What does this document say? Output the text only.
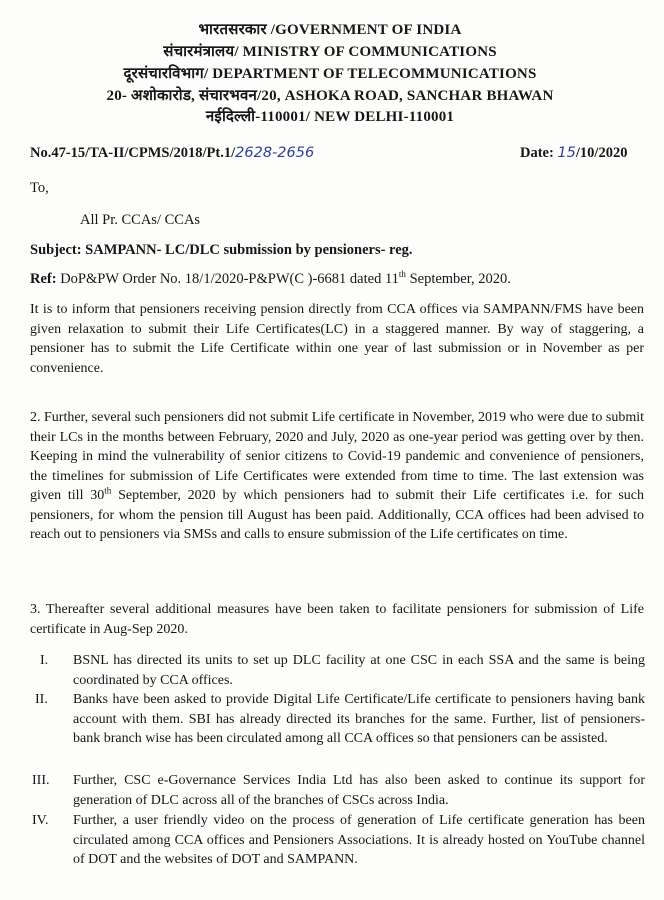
भारतसरकार /GOVERNMENT OF INDIA
संचारमंत्रालय/ MINISTRY OF COMMUNICATIONS
दूरसंचारविभाग/ DEPARTMENT OF TELECOMMUNICATIONS
20- अशोकारोड, संचारभवन/20, ASHOKA ROAD, SANCHAR BHAWAN
नईदिल्ली-110001/ NEW DELHI-110001
No.47-15/TA-II/CPMS/2018/Pt.1/2628-2656	Date: 15/10/2020
To,
All Pr. CCAs/ CCAs
Subject: SAMPANN- LC/DLC submission by pensioners- reg.
Ref: DoP&PW Order No. 18/1/2020-P&PW(C )-6681 dated 11th September, 2020.
It is to inform that pensioners receiving pension directly from CCA offices via SAMPANN/FMS have been given relaxation to submit their Life Certificates(LC) in a staggered manner. By way of staggering, a pensioner has to submit the Life Certificate within one year of last submission or in November as per convenience.
2. Further, several such pensioners did not submit Life certificate in November, 2019 who were due to submit their LCs in the months between February, 2020 and July, 2020 as one-year period was getting over by then. Keeping in mind the vulnerability of senior citizens to Covid-19 pandemic and convenience of pensioners, the timelines for submission of Life Certificates were extended from time to time. The last extension was given till 30th September, 2020 by which pensioners had to submit their Life certificates i.e. for such pensioners, for whom the pension till August has been paid. Additionally, CCA offices had been advised to reach out to pensioners via SMSs and calls to ensure submission of the Life certificates on time.
3. Thereafter several additional measures have been taken to facilitate pensioners for submission of Life certificate in Aug-Sep 2020.
I. BSNL has directed its units to set up DLC facility at one CSC in each SSA and the same is being coordinated by CCA offices.
II. Banks have been asked to provide Digital Life Certificate/Life certificate to pensioners having bank account with them. SBI has already directed its branches for the same. Further, list of pensioners- bank branch wise has been circulated among all CCA offices so that pensioners can be assisted.
III. Further, CSC e-Governance Services India Ltd has also been asked to continue its support for generation of DLC across all of the branches of CSCs across India.
IV. Further, a user friendly video on the process of generation of Life certificate generation has been circulated among CCA offices and Pensioners Associations. It is already hosted on YouTube channel of DOT and the websites of DOT and SAMPANN.
